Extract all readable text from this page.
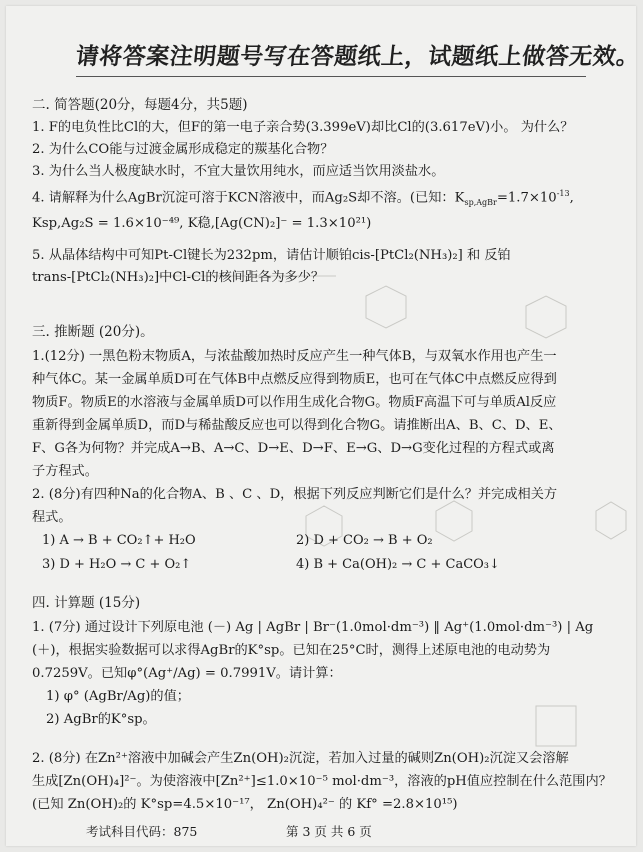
请将答案注明题号写在答题纸上，试题纸上做答无效。
二. 简答题(20分，每题4分，共5题)
1. F的电负性比Cl的大，但F的第一电子亲合势(3.399eV)却比Cl的(3.617eV)小。 为什么？
2. 为什么CO能与过渡金属形成稳定的羰基化合物？
3. 为什么当人极度缺水时，不宜大量饮用纯水，而应适当饮用淡盐水。
4. 请解释为什么AgBr沉淀可溶于KCN溶液中，而Ag₂S却不溶。(已知：$K_{sp,AgBr}=1.7\times 10^{-13}$,
Ksp,Ag₂S = 1.6×10⁻⁴⁹, K稳,[Ag(CN)₂]⁻ = 1.3×10²¹)
5. 从晶体结构中可知Pt-Cl键长为232pm，请估计顺铂cis-[PtCl₂(NH₃)₂] 和 反铂
trans-[PtCl₂(NH₃)₂]中Cl-Cl的核间距各为多少？
三. 推断题 (20分)。
1.(12分) 一黑色粉末物质A，与浓盐酸加热时反应产生一种气体B，与双氧水作用也产生一
种气体C。某一金属单质D可在气体B中点燃反应得到物质E，也可在气体C中点燃反应得到
物质F。物质E的水溶液与金属单质D可以作用生成化合物G。物质F高温下可与单质Al反应
重新得到金属单质D，而D与稀盐酸反应也可以得到化合物G。请推断出A、B、C、D、E、
F、G各为何物？并完成A→B、A→C、D→E、D→F、E→G、D→G变化过程的方程式或离
子方程式。
2. (8分)有四种Na的化合物A、B 、C 、D，根据下列反应判断它们是什么？并完成相关方
程式。
1) A → B + CO₂↑+ H₂O	2) D + CO₂ → B + O₂
3) D + H₂O → C + O₂↑	4) B + Ca(OH)₂ → C + CaCO₃↓
四. 计算题 (15分)
1. (7分) 通过设计下列原电池 (－) Ag | AgBr | Br⁻(1.0mol·dm⁻³) ‖ Ag⁺(1.0mol·dm⁻³) | Ag
(＋)，根据实验数据可以求得AgBr的K°sp。已知在25°C时，测得上述原电池的电动势为
0.7259V。已知φ°(Ag⁺/Ag) = 0.7991V。请计算：
1) φ° (AgBr/Ag)的值；
2) AgBr的K°sp。
2. (8分) 在Zn²⁺溶液中加碱会产生Zn(OH)₂沉淀，若加入过量的碱则Zn(OH)₂沉淀又会溶解
生成[Zn(OH)₄]²⁻。为使溶液中[Zn²⁺]≤1.0×10⁻⁵ mol·dm⁻³，溶液的pH值应控制在什么范围内？
(已知 Zn(OH)₂的 K°sp=4.5×10⁻¹⁷， Zn(OH)₄²⁻ 的 Kf° =2.8×10¹⁵)
考试科目代码：875	第 3 页 共 6 页
